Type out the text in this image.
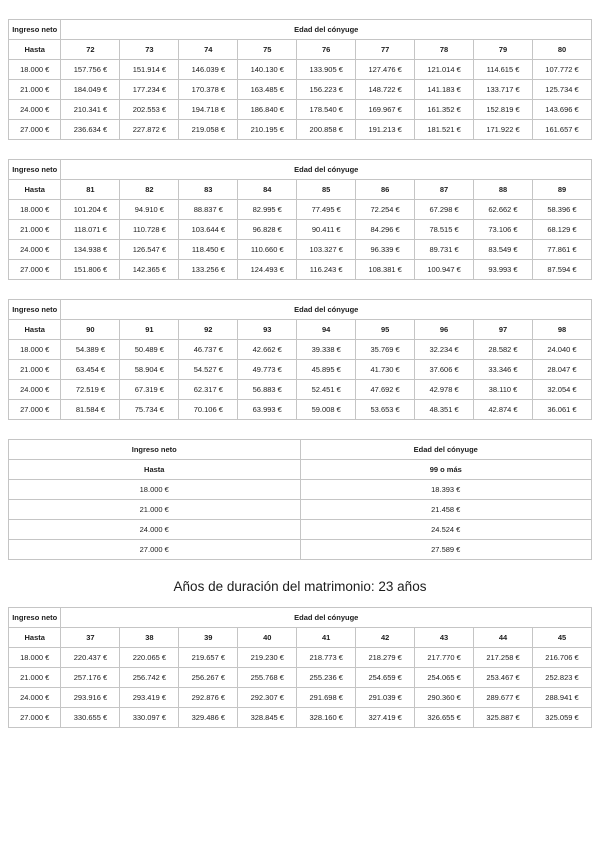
Ingreso neto	Edad del cónyuge								
Hasta	72	73	74	75	76	77	78	79	80
18.000 €	157.756 €	151.914 €	146.039 €	140.130 €	133.905 €	127.476 €	121.014 €	114.615 €	107.772 €
21.000 €	184.049 €	177.234 €	170.378 €	163.485 €	156.223 €	148.722 €	141.183 €	133.717 €	125.734 €
24.000 €	210.341 €	202.553 €	194.718 €	186.840 €	178.540 €	169.967 €	161.352 €	152.819 €	143.696 €
27.000 €	236.634 €	227.872 €	219.058 €	210.195 €	200.858 €	191.213 €	181.521 €	171.922 €	161.657 €
Ingreso neto	Edad del cónyuge								
Hasta	81	82	83	84	85	86	87	88	89
18.000 €	101.204 €	94.910 €	88.837 €	82.995 €	77.495 €	72.254 €	67.298 €	62.662 €	58.396 €
21.000 €	118.071 €	110.728 €	103.644 €	96.828 €	90.411 €	84.296 €	78.515 €	73.106 €	68.129 €
24.000 €	134.938 €	126.547 €	118.450 €	110.660 €	103.327 €	96.339 €	89.731 €	83.549 €	77.861 €
27.000 €	151.806 €	142.365 €	133.256 €	124.493 €	116.243 €	108.381 €	100.947 €	93.993 €	87.594 €
Ingreso neto	Edad del cónyuge								
Hasta	90	91	92	93	94	95	96	97	98
18.000 €	54.389 €	50.489 €	46.737 €	42.662 €	39.338 €	35.769 €	32.234 €	28.582 €	24.040 €
21.000 €	63.454 €	58.904 €	54.527 €	49.773 €	45.895 €	41.730 €	37.606 €	33.346 €	28.047 €
24.000 €	72.519 €	67.319 €	62.317 €	56.883 €	52.451 €	47.692 €	42.978 €	38.110 €	32.054 €
27.000 €	81.584 €	75.734 €	70.106 €	63.993 €	59.008 €	53.653 €	48.351 €	42.874 €	36.061 €
Ingreso neto	Edad del cónyuge
Hasta	99 o más
18.000 €	18.393 €
21.000 €	21.458 €
24.000 €	24.524 €
27.000 €	27.589 €
Años de duración del matrimonio: 23 años
Ingreso neto	Edad del cónyuge								
Hasta	37	38	39	40	41	42	43	44	45
18.000 €	220.437 €	220.065 €	219.657 €	219.230 €	218.773 €	218.279 €	217.770 €	217.258 €	216.706 €
21.000 €	257.176 €	256.742 €	256.267 €	255.768 €	255.236 €	254.659 €	254.065 €	253.467 €	252.823 €
24.000 €	293.916 €	293.419 €	292.876 €	292.307 €	291.698 €	291.039 €	290.360 €	289.677 €	288.941 €
27.000 €	330.655 €	330.097 €	329.486 €	328.845 €	328.160 €	327.419 €	326.655 €	325.887 €	325.059 €
